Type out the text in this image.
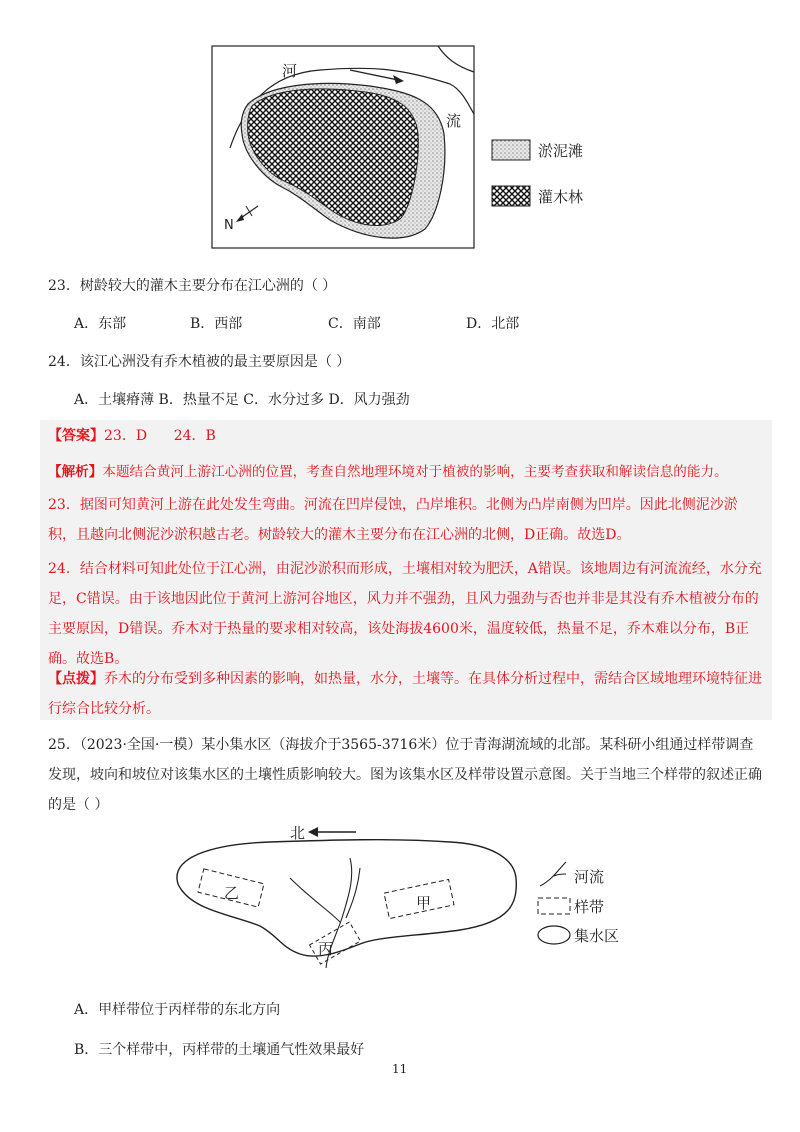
河
流
N
淤泥滩
灌木林
23．树龄较大的灌木主要分布在江心洲的（ ）
A．东部	B．西部	C．南部	D．北部
24．该江心洲没有乔木植被的最主要原因是（ ）
A．土壤瘠薄 B．热量不足 C．水分过多 D．风力强劲
【答案】23．D      24．B
【解析】本题结合黄河上游江心洲的位置，考查自然地理环境对于植被的影响，主要考查获取和解读信息的能力。
23．据图可知黄河上游在此处发生弯曲。河流在凹岸侵蚀，凸岸堆积。北侧为凸岸南侧为凹岸。因此北侧泥沙淤积，且越向北侧泥沙淤积越古老。树龄较大的灌木主要分布在江心洲的北侧，D正确。故选D。
24．结合材料可知此处位于江心洲，由泥沙淤积而形成，土壤相对较为肥沃，A错误。该地周边有河流流经，水分充足，C错误。由于该地因此位于黄河上游河谷地区，风力并不强劲，且风力强劲与否也并非是其没有乔木植被分布的主要原因，D错误。乔木对于热量的要求相对较高，该处海拔4600米，温度较低，热量不足，乔木难以分布，B正确。故选B。
【点拨】乔木的分布受到多种因素的影响，如热量，水分，土壤等。在具体分析过程中，需结合区域地理环境特征进行综合比较分析。
25．（2023·全国·一模）某小集水区（海拔介于3565-3716米）位于青海湖流域的北部。某科研小组通过样带调查发现，坡向和坡位对该集水区的土壤性质影响较大。图为该集水区及样带设置示意图。关于当地三个样带的叙述正确的是（ ）
北
乙
甲
丙
河流
样带
集水区
A．甲样带位于丙样带的东北方向
B．三个样带中，丙样带的土壤通气性效果最好
11
